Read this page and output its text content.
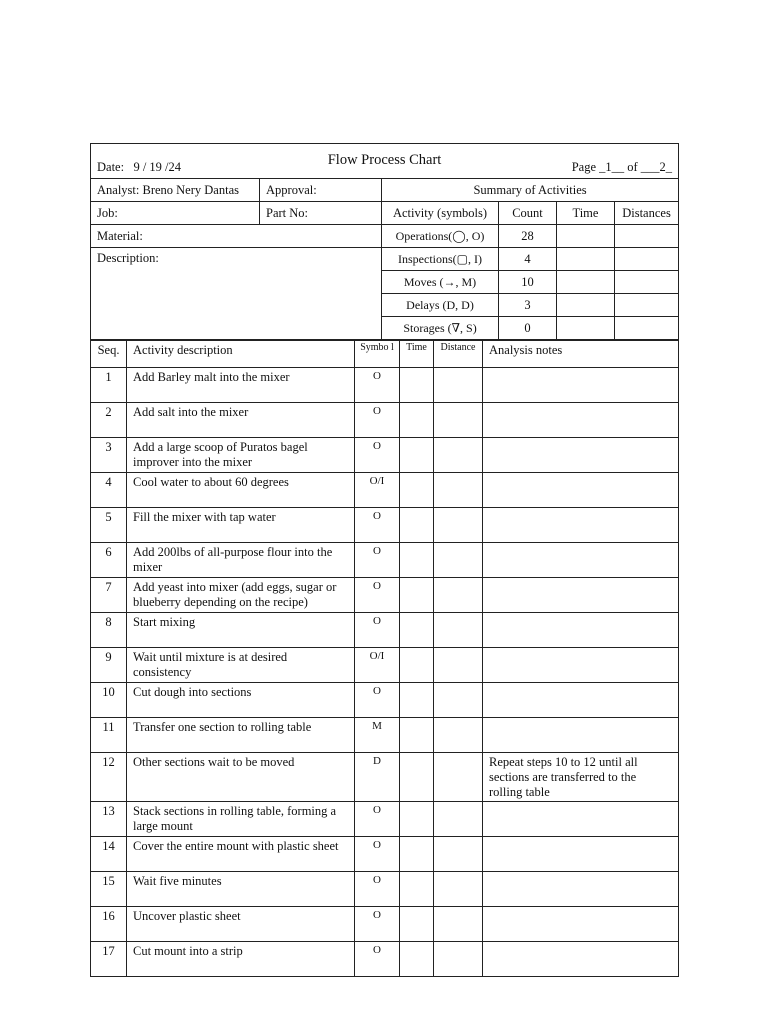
Date: 9 / 19 /24 Flow Process Chart Page _1__ of ___2_					

Analyst: Breno Nery Dantas	Approval:	Summary of Activities			
Job:	Part No:	Activity (symbols)	Count	Time	Distances
Material:		Operations(◯, O)	28		
Description:		Inspections(▢, I)	4		
		Moves (→, M)	10		
		Delays (D, D)	3		
		Storages (∇, S)	0		
Seq.	Activity description	Symbo l	Time	Distance	Analysis notes
1	Add Barley malt into the mixer	O			
2	Add salt into the mixer	O			
3	Add a large scoop of Puratos bagel improver into the mixer	O			
4	Cool water to about 60 degrees	O/I			
5	Fill the mixer with tap water	O			
6	Add 200lbs of all-purpose flour into the mixer	O			
7	Add yeast into mixer (add eggs, sugar or blueberry depending on the recipe)	O			
8	Start mixing	O			
9	Wait until mixture is at desired consistency	O/I			
10	Cut dough into sections	O			
11	Transfer one section to rolling table	M			
12	Other sections wait to be moved	D			Repeat steps 10 to 12 until all sections are transferred to the rolling table
13	Stack sections in rolling table, forming a large mount	O			
14	Cover the entire mount with plastic sheet	O			
15	Wait five minutes	O			
16	Uncover plastic sheet	O			
17	Cut mount into a strip	O			
